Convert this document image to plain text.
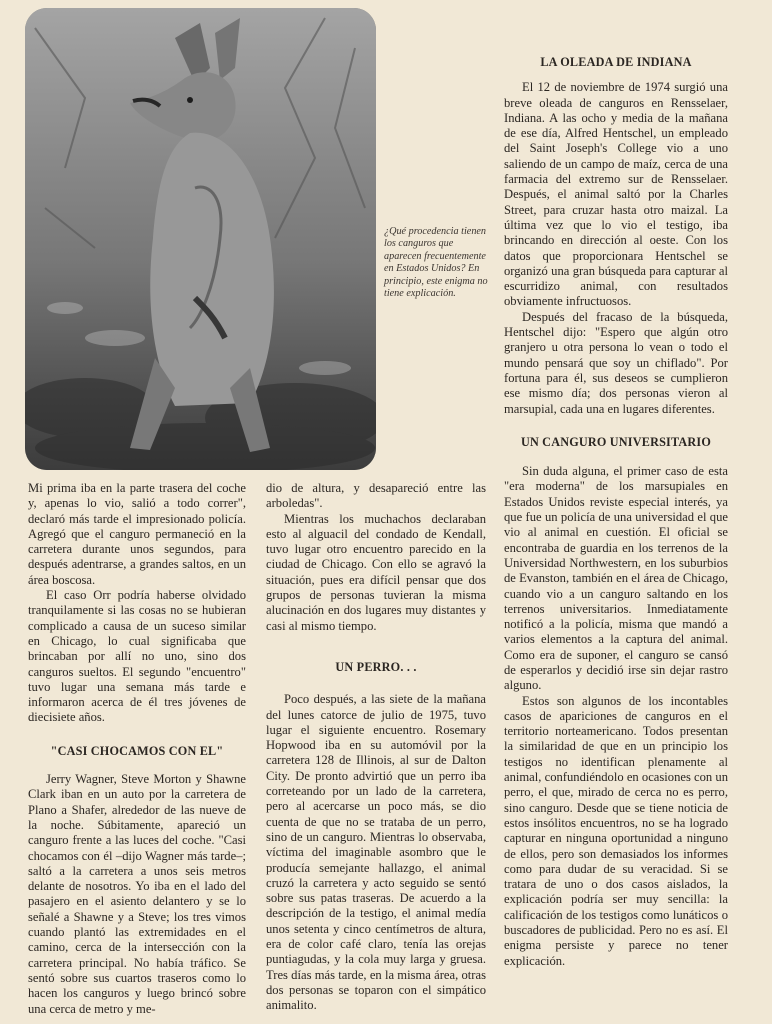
¿Qué procedencia tienen los canguros que aparecen frecuentemente en Estados Unidos? En principio, este enigma no tiene explicación.

Mi prima iba en la parte trasera del coche y, apenas lo vio, salió a todo correr", declaró más tarde el impresionado policía. Agregó que el canguro permaneció en la carretera durante unos segundos, para después adentrarse, a grandes saltos, en un área boscosa.

El caso Orr podría haberse olvidado tranquilamente si las cosas no se hubieran complicado a causa de un suceso similar en Chicago, lo cual significaba que brincaban por allí no uno, sino dos canguros sueltos. El segundo "encuentro" tuvo lugar una semana más tarde e informaron acerca de él tres jóvenes de diecisiete años.

"CASI CHOCAMOS CON EL"

Jerry Wagner, Steve Morton y Shawne Clark iban en un auto por la carretera de Plano a Shafer, alrededor de las nueve de la noche. Súbitamente, apareció un canguro frente a las luces del coche. "Casi chocamos con él –dijo Wagner más tarde–; saltó a la carretera a unos seis metros delante de nosotros. Yo iba en el lado del pasajero en el asiento delantero y se lo señalé a Shawne y a Steve; los tres vimos cuando plantó las extremidades en el camino, cerca de la intersección con la carretera principal. No había tráfico. Se sentó sobre sus cuartos traseros como lo hacen los canguros y luego brincó sobre una cerca de metro y me-

dio de altura, y desapareció entre las arboledas".

Mientras los muchachos declaraban esto al alguacil del condado de Kendall, tuvo lugar otro encuentro parecido en la ciudad de Chicago. Con ello se agravó la situación, pues era difícil pensar que dos grupos de personas tuvieran la misma alucinación en dos lugares muy distantes y casi al mismo tiempo.

UN PERRO. . .

Poco después, a las siete de la mañana del lunes catorce de julio de 1975, tuvo lugar el siguiente encuentro. Rosemary Hopwood iba en su automóvil por la carretera 128 de Illinois, al sur de Dalton City. De pronto advirtió que un perro iba correteando por un lado de la carretera, pero al acercarse un poco más, se dio cuenta de que no se trataba de un perro, sino de un canguro. Mientras lo observaba, víctima del imaginable asombro que le producía semejante hallazgo, el animal cruzó la carretera y acto seguido se sentó sobre sus patas traseras. De acuerdo a la descripción de la testigo, el animal medía unos setenta y cinco centímetros de altura, era de color café claro, tenía las orejas puntiagudas, y la cola muy larga y gruesa. Tres días más tarde, en la misma área, otras dos personas se toparon con el simpático animalito.

LA OLEADA DE INDIANA

El 12 de noviembre de 1974 surgió una breve oleada de canguros en Rensselaer, Indiana. A las ocho y media de la mañana de ese día, Alfred Hentschel, un empleado del Saint Joseph's College vio a uno saliendo de un campo de maíz, cerca de una farmacia del extremo sur de Rensselaer. Después, el animal saltó por la Charles Street, para cruzar hasta otro maizal. La última vez que lo vio el testigo, iba brincando en dirección al oeste. Con los datos que proporcionara Hentschel se organizó una gran búsqueda para capturar al escurridizo animal, con resultados obviamente infructuosos.

Después del fracaso de la búsqueda, Hentschel dijo: "Espero que algún otro granjero u otra persona lo vean o todo el mundo pensará que soy un chiflado". Por fortuna para él, sus deseos se cumplieron ese mismo día; dos personas vieron al marsupial, cada una en lugares diferentes.

UN CANGURO UNIVERSITARIO

Sin duda alguna, el primer caso de esta "era moderna" de los marsupiales en Estados Unidos reviste especial interés, ya que fue un policía de una universidad el que vio al animal en cuestión. El oficial se encontraba de guardia en los terrenos de la Universidad Northwestern, en los suburbios de Evanston, también en el área de Chicago, cuando vio a un canguro saltando en los terrenos universitarios. Inmediatamente notificó a la policía, misma que mandó a varios elementos a la captura del animal. Como era de suponer, el canguro se cansó de esperarlos y decidió irse sin dejar rastro alguno.

Estos son algunos de los incontables casos de apariciones de canguros en el territorio norteamericano. Todos presentan la similaridad de que en un principio los testigos no identifican plenamente al animal, confundiéndolo en ocasiones con un perro, el que, mirado de cerca no es perro, sino canguro. Desde que se tiene noticia de estos insólitos encuentros, no se ha logrado capturar en ninguna oportunidad a ninguno de ellos, pero son demasiados los informes como para dudar de su veracidad. Si se tratara de uno o dos casos aislados, la explicación podría ser muy sencilla: la calificación de los testigos como lunáticos o buscadores de publicidad. Pero no es así. El enigma persiste y parece no tener explicación.
